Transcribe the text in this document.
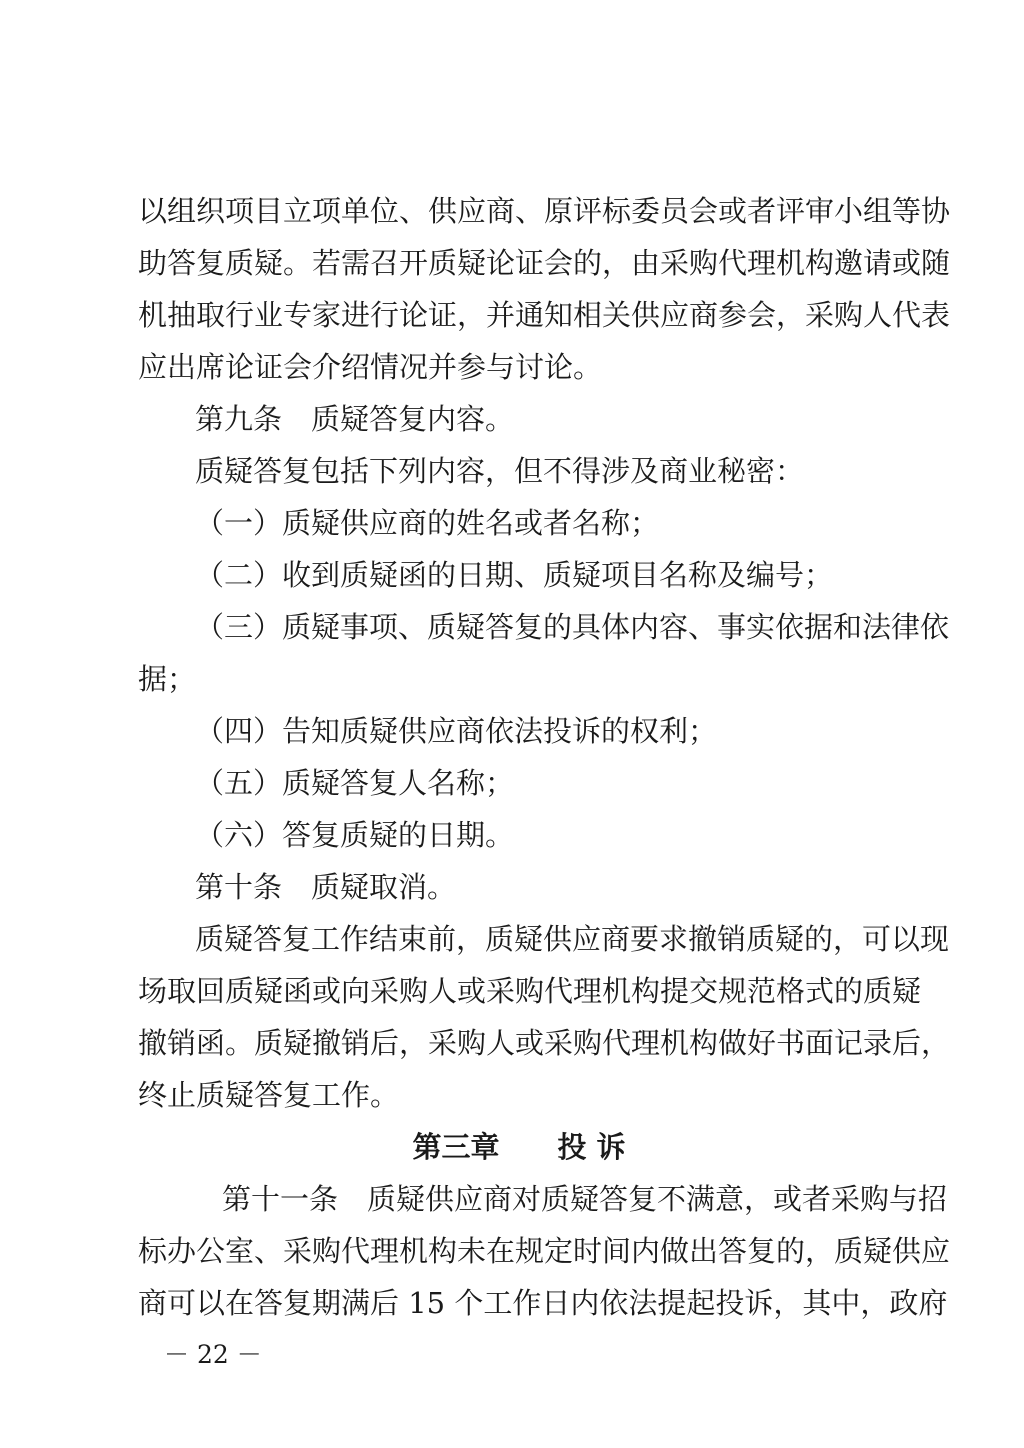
以组织项目立项单位、供应商、原评标委员会或者评审小组等协
助答复质疑。若需召开质疑论证会的，由采购代理机构邀请或随
机抽取行业专家进行论证，并通知相关供应商参会，采购人代表
应出席论证会介绍情况并参与讨论。
第九条　质疑答复内容。
质疑答复包括下列内容，但不得涉及商业秘密：
（一）质疑供应商的姓名或者名称；
（二）收到质疑函的日期、质疑项目名称及编号；
（三）质疑事项、质疑答复的具体内容、事实依据和法律依
据；
（四）告知质疑供应商依法投诉的权利；
（五）质疑答复人名称；
（六）答复质疑的日期。
第十条　质疑取消。
质疑答复工作结束前，质疑供应商要求撤销质疑的，可以现
场取回质疑函或向采购人或采购代理机构提交规范格式的质疑
撤销函。质疑撤销后，采购人或采购代理机构做好书面记录后，
终止质疑答复工作。
第三章　　投 诉
第十一条　质疑供应商对质疑答复不满意，或者采购与招
标办公室、采购代理机构未在规定时间内做出答复的，质疑供应
商可以在答复期满后 15 个工作日内依法提起投诉，其中，政府
－ 22 －
